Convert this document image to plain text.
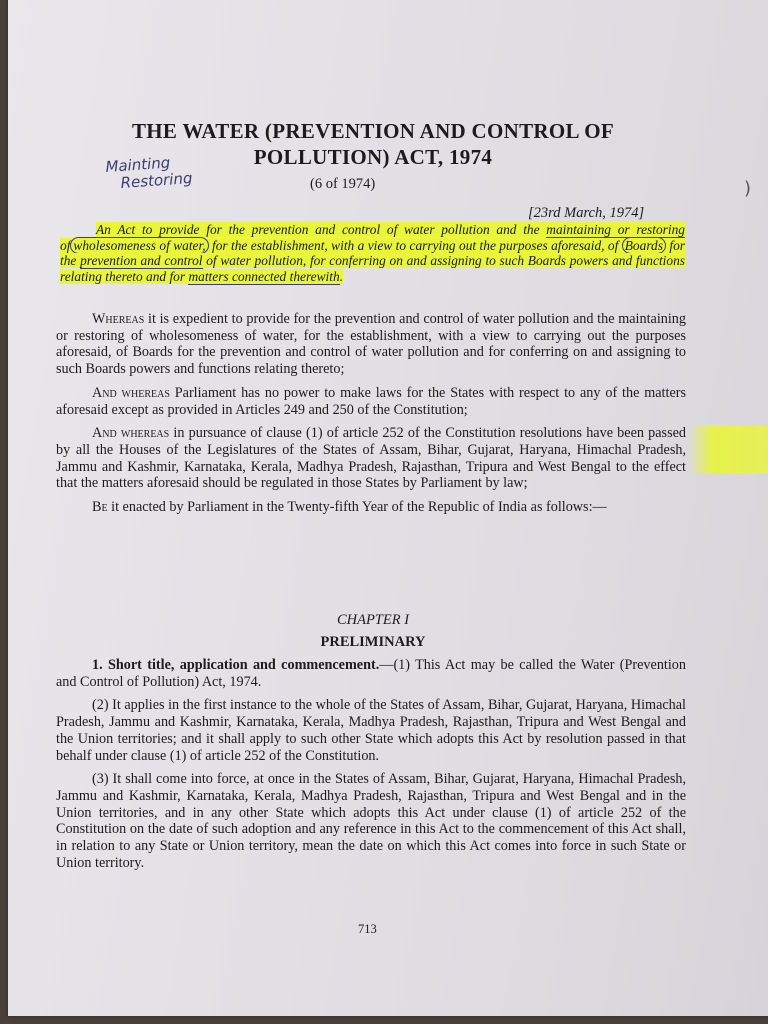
THE WATER (PREVENTION AND CONTROL OF
POLLUTION) ACT, 1974
Mainting
Restoring	(6 of 1974)
[23rd March, 1974]
An Act to provide for the prevention and control of water pollution and the maintaining or restoring of wholesomeness of water, for the establishment, with a view to carrying out the purposes aforesaid, of Boards for the prevention and control of water pollution, for conferring on and assigning to such Boards powers and functions relating thereto and for matters connected therewith.

Whereas it is expedient to provide for the prevention and control of water pollution and the maintaining or restoring of wholesomeness of water, for the establishment, with a view to carrying out the purposes aforesaid, of Boards for the prevention and control of water pollution and for conferring on and assigning to such Boards powers and functions relating thereto;

And whereas Parliament has no power to make laws for the States with respect to any of the matters aforesaid except as provided in Articles 249 and 250 of the Constitution;

And whereas in pursuance of clause (1) of article 252 of the Constitution resolutions have been passed by all the Houses of the Legislatures of the States of Assam, Bihar, Gujarat, Haryana, Himachal Pradesh, Jammu and Kashmir, Karnataka, Kerala, Madhya Pradesh, Rajasthan, Tripura and West Bengal to the effect that the matters aforesaid should be regulated in those States by Parliament by law;

Be it enacted by Parliament in the Twenty-fifth Year of the Republic of India as follows:—

CHAPTER I
PRELIMINARY

1. Short title, application and commencement.—(1) This Act may be called the Water (Prevention and Control of Pollution) Act, 1974.

(2) It applies in the first instance to the whole of the States of Assam, Bihar, Gujarat, Haryana, Himachal Pradesh, Jammu and Kashmir, Karnataka, Kerala, Madhya Pradesh, Rajasthan, Tripura and West Bengal and the Union territories; and it shall apply to such other State which adopts this Act by resolution passed in that behalf under clause (1) of article 252 of the Constitution.

(3) It shall come into force, at once in the States of Assam, Bihar, Gujarat, Haryana, Himachal Pradesh, Jammu and Kashmir, Karnataka, Kerala, Madhya Pradesh, Rajasthan, Tripura and West Bengal and in the Union territories, and in any other State which adopts this Act under clause (1) of article 252 of the Constitution on the date of such adoption and any reference in this Act to the commencement of this Act shall, in relation to any State or Union territory, mean the date on which this Act comes into force in such State or Union territory.

713
)
